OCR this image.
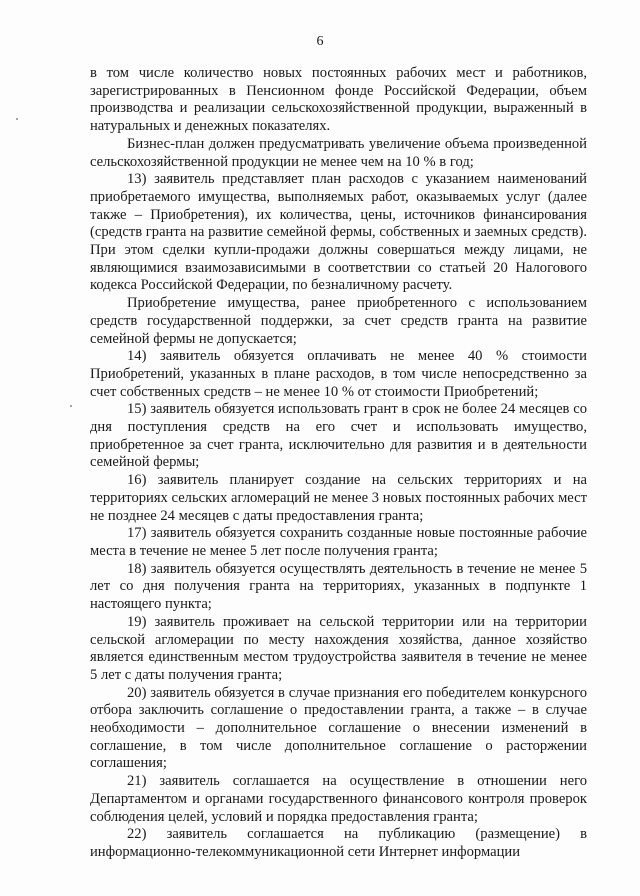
6

в том числе количество новых постоянных рабочих мест и работников, зарегистрированных в Пенсионном фонде Российской Федерации, объем производства и реализации сельскохозяйственной продукции, выраженный в натуральных и денежных показателях.

Бизнес-план должен предусматривать увеличение объема произведенной сельскохозяйственной продукции не менее чем на 10 % в год;

13) заявитель представляет план расходов с указанием наименований приобретаемого имущества, выполняемых работ, оказываемых услуг (далее также – Приобретения), их количества, цены, источников финансирования (средств гранта на развитие семейной фермы, собственных и заемных средств). При этом сделки купли-продажи должны совершаться между лицами, не являющимися взаимозависимыми в соответствии со статьей 20 Налогового кодекса Российской Федерации, по безналичному расчету.

Приобретение имущества, ранее приобретенного с использованием средств государственной поддержки, за счет средств гранта на развитие семейной фермы не допускается;

14) заявитель обязуется оплачивать не менее 40 % стоимости Приобретений, указанных в плане расходов, в том числе непосредственно за счет собственных средств – не менее 10 % от стоимости Приобретений;

15) заявитель обязуется использовать грант в срок не более 24 месяцев со дня поступления средств на его счет и использовать имущество, приобретенное за счет гранта, исключительно для развития и в деятельности семейной фермы;

16) заявитель планирует создание на сельских территориях и на территориях сельских агломераций не менее 3 новых постоянных рабочих мест не позднее 24 месяцев с даты предоставления гранта;

17) заявитель обязуется сохранить созданные новые постоянные рабочие места в течение не менее 5 лет после получения гранта;

18) заявитель обязуется осуществлять деятельность в течение не менее 5 лет со дня получения гранта на территориях, указанных в подпункте 1 настоящего пункта;

19) заявитель проживает на сельской территории или на территории сельской агломерации по месту нахождения хозяйства, данное хозяйство является единственным местом трудоустройства заявителя в течение не менее 5 лет с даты получения гранта;

20) заявитель обязуется в случае признания его победителем конкурсного отбора заключить соглашение о предоставлении гранта, а также – в случае необходимости – дополнительное соглашение о внесении изменений в соглашение, в том числе дополнительное соглашение о расторжении соглашения;

21) заявитель соглашается на осуществление в отношении него Департаментом и органами государственного финансового контроля проверок соблюдения целей, условий и порядка предоставления гранта;

22) заявитель соглашается на публикацию (размещение) в информационно-телекоммуникационной сети Интернет информации
